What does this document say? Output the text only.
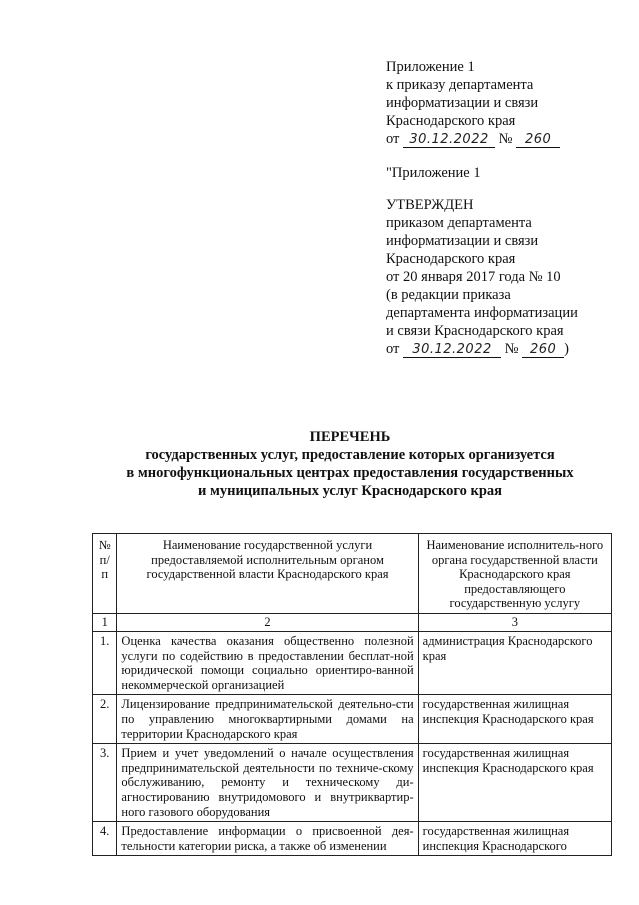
Приложение 1
к приказу департамента
информатизации и связи
Краснодарского края
от 30.12.2022 № 260
"Приложение 1
УТВЕРЖДЕН
приказом департамента
информатизации и связи
Краснодарского края
от 20 января 2017 года № 10
(в редакции приказа
департамента информатизации
и связи Краснодарского края
от 30.12.2022 № 260 )
ПЕРЕЧЕНЬ
государственных услуг, предоставление которых организуется
в многофункциональных центрах предоставления государственных
и муниципальных услуг Краснодарского края
№ п/п	Наименование государственной услуги предоставляемой исполнительным органом государственной власти Краснодарского края	Наименование исполнитель-ного органа государственной власти Краснодарского края предоставляющего государственную услугу
1	2	3
1.	Оценка качества оказания общественно полезной услуги по содействию в предоставлении бесплат-ной юридической помощи социально ориентиро-ванной некоммерческой организацией	администрация Краснодарского края
2.	Лицензирование предпринимательской деятельно-сти по управлению многоквартирными домами на территории Краснодарского края	государственная жилищная инспекция Краснодарского края
3.	Прием и учет уведомлений о начале осуществления предпринимательской деятельности по техниче-скому обслуживанию, ремонту и техническому ди-агностированию внутридомового и внутриквартир-ного газового оборудования	государственная жилищная инспекция Краснодарского края
4.	Предоставление информации о присвоенной дея-тельности категории риска, а также об изменении	государственная жилищная инспекция Краснодарского
